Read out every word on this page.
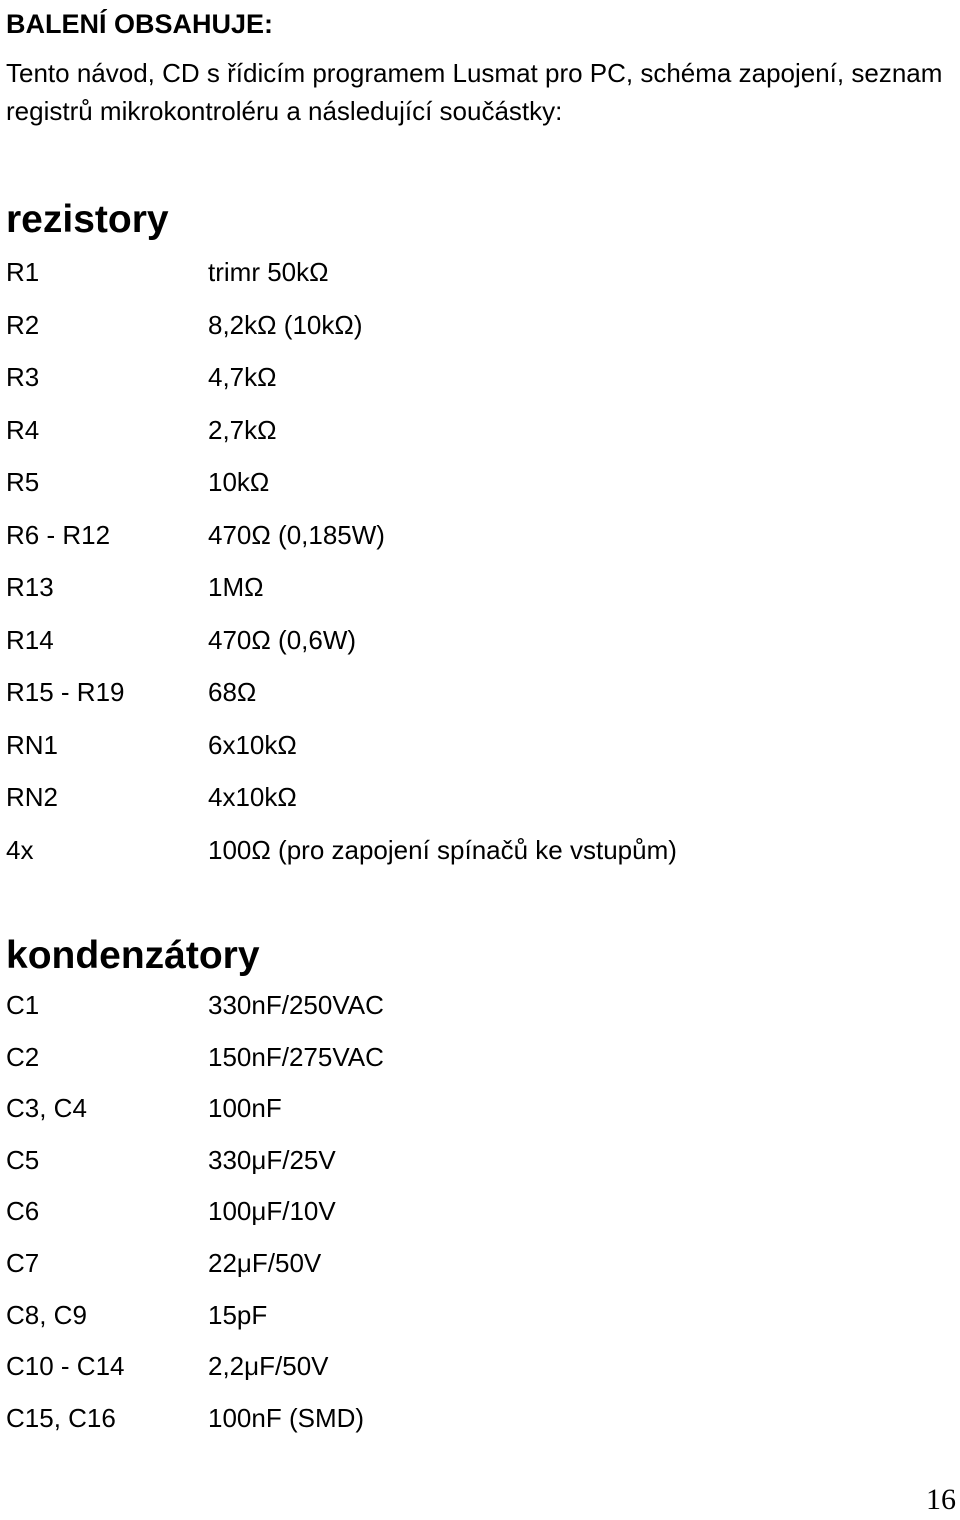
BALENÍ OBSAHUJE:

Tento návod, CD s řídicím programem Lusmat pro PC, schéma zapojení, seznam registrů mikrokontroléru a následující součástky:

rezistory
R1	trimr 50kΩ
R2	8,2kΩ (10kΩ)
R3	4,7kΩ
R4	2,7kΩ
R5	10kΩ
R6 - R12	470Ω (0,185W)
R13	1MΩ
R14	470Ω (0,6W)
R15 - R19	68Ω
RN1	6x10kΩ
RN2	4x10kΩ
4x	100Ω (pro zapojení spínačů ke vstupům)
kondenzátory
C1	330nF/250VAC
C2	150nF/275VAC
C3, C4	100nF
C5	330μF/25V
C6	100μF/10V
C7	22μF/50V
C8, C9	15pF
C10 - C14	2,2μF/50V
C15, C16	100nF (SMD)
16
